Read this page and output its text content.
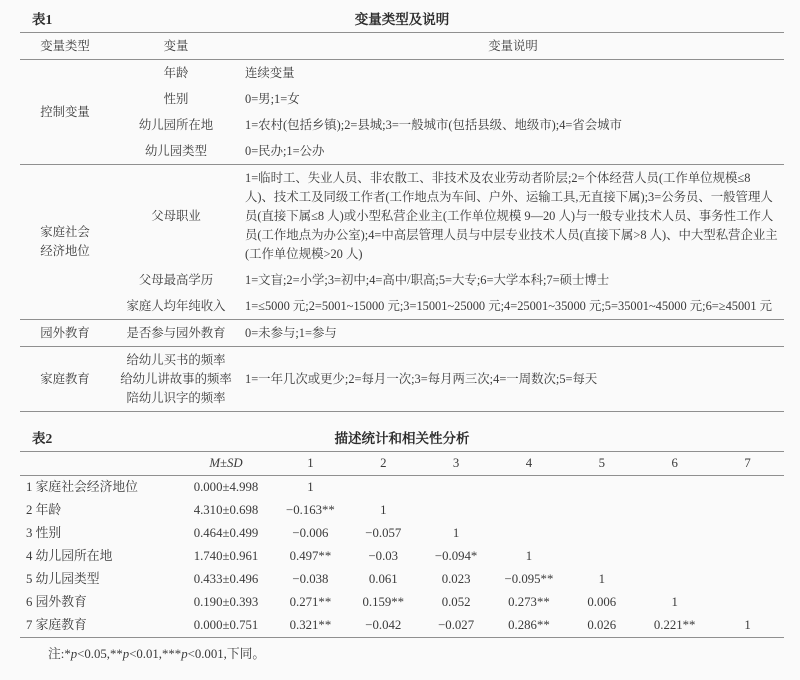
表1	变量类型及说明
变量类型	变量	变量说明

控制变量	年龄	连续变量

	性别	0=男;1=女

	幼儿园所在地	1=农村(包括乡镇);2=县城;3=一般城市(包括县级、地级市);4=省会城市

	幼儿园类型	0=民办;1=公办

家庭社会经济地位	父母职业	1=临时工、失业人员、非农散工、非技术及农业劳动者阶层;2=个体经营人员(工作单位规模≤8 人)、技术工及同级工作者(工作地点为车间、户外、运输工具,无直接下属);3=公务员、一般管理人员(直接下属≤8 人)或小型私营企业主(工作单位规模 9—20 人)与一般专业技术人员、事务性工作人员(工作地点为办公室);4=中高层管理人员与中层专业技术人员(直接下属>8 人)、中大型私营企业主(工作单位规模>20 人)

	父母最高学历	1=文盲;2=小学;3=初中;4=高中/职高;5=大专;6=大学本科;7=硕士博士

	家庭人均年纯收入	1=≤5000 元;2=5001~15000 元;3=15001~25000 元;4=25001~35000 元;5=35001~45000 元;6=≥45001 元

园外教育	是否参与园外教育	0=未参与;1=参与

家庭教育	给幼儿买书的频率
给幼儿讲故事的频率
陪幼儿识字的频率	1=一年几次或更少;2=每月一次;3=每月两三次;4=一周数次;5=每天
表2	描述统计和相关性分析
	M±SD	1	2	3	4	5	6	7
1 家庭社会经济地位	0.000±4.998	1						
2 年龄	4.310±0.698	−0.163**	1					
3 性别	0.464±0.499	−0.006	−0.057	1				
4 幼儿园所在地	1.740±0.961	0.497**	−0.03	−0.094*	1			
5 幼儿园类型	0.433±0.496	−0.038	0.061	0.023	−0.095**	1		
6 园外教育	0.190±0.393	0.271**	0.159**	0.052	0.273**	0.006	1	
7 家庭教育	0.000±0.751	0.321**	−0.042	−0.027	0.286**	0.026	0.221**	1
注:*p<0.05,**p<0.01,***p<0.001,下同。
